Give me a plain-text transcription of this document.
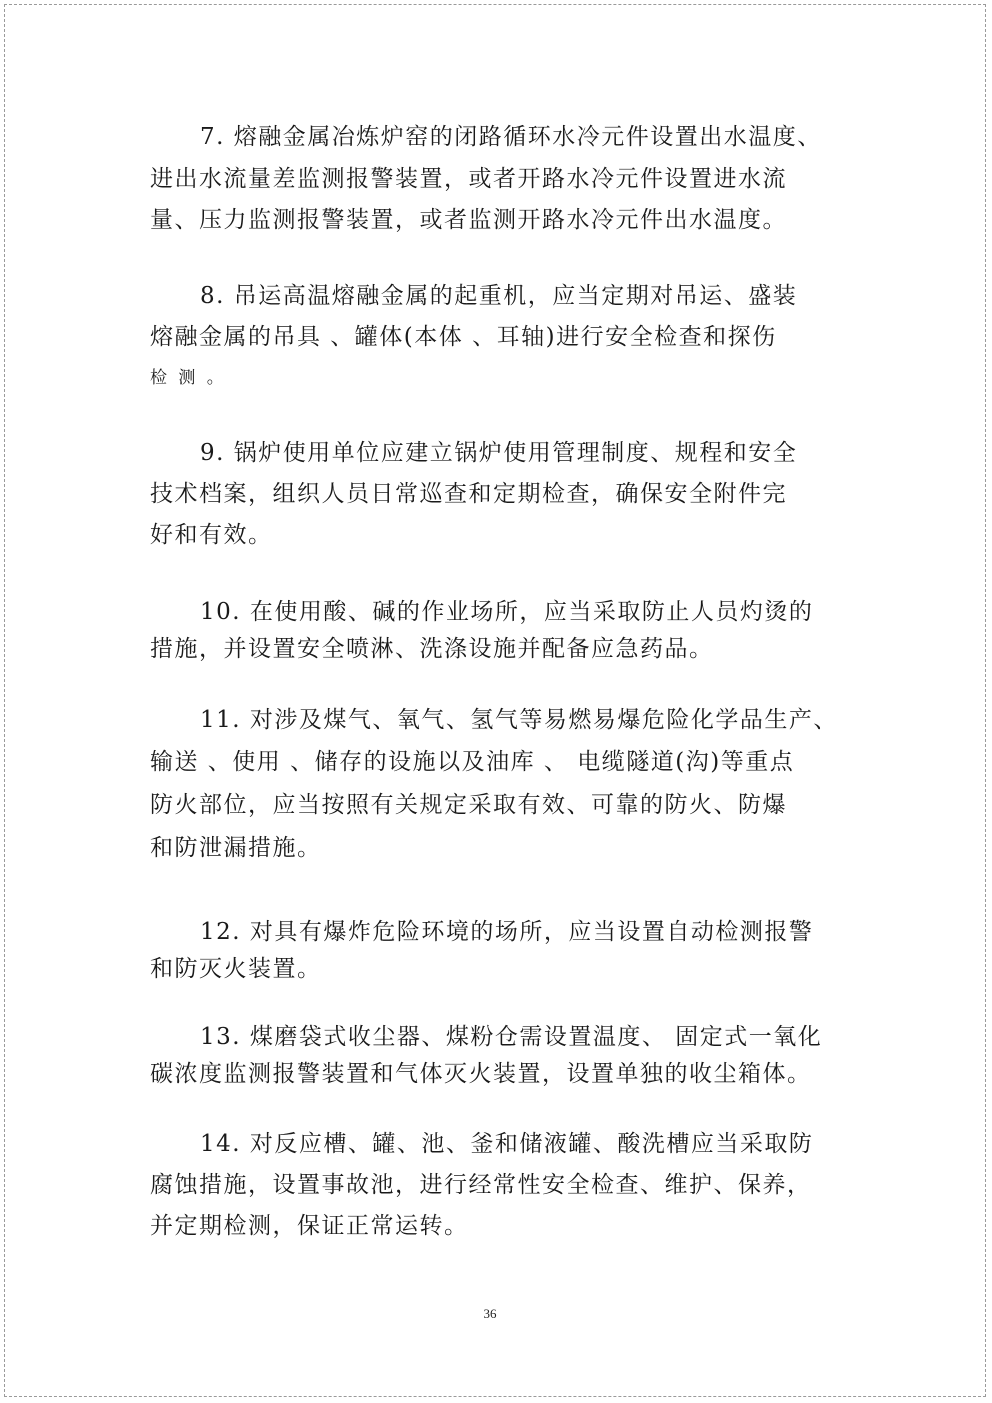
7. 熔融金属冶炼炉窑的闭路循环水冷元件设置出水温度、
进出水流量差监测报警装置，或者开路水冷元件设置进水流
量、压力监测报警装置，或者监测开路水冷元件出水温度。
8. 吊运高温熔融金属的起重机，应当定期对吊运、盛装
熔融金属的吊具 、罐体(本体 、耳轴)进行安全检查和探伤
检 测 。
9. 锅炉使用单位应建立锅炉使用管理制度、规程和安全
技术档案，组织人员日常巡查和定期检查，确保安全附件完
好和有效。
10. 在使用酸、碱的作业场所，应当采取防止人员灼烫的
措施，并设置安全喷淋、洗涤设施并配备应急药品。
11. 对涉及煤气、氧气、氢气等易燃易爆危险化学品生产、
输送 、使用 、储存的设施以及油库 、 电缆隧道(沟)等重点
防火部位，应当按照有关规定采取有效、可靠的防火、防爆
和防泄漏措施。
12. 对具有爆炸危险环境的场所，应当设置自动检测报警
和防灭火装置。
13. 煤磨袋式收尘器、煤粉仓需设置温度、 固定式一氧化
碳浓度监测报警装置和气体灭火装置，设置单独的收尘箱体。
14. 对反应槽、罐、池、釜和储液罐、酸洗槽应当采取防
腐蚀措施，设置事故池，进行经常性安全检查、维护、保养，
并定期检测，保证正常运转。
36
